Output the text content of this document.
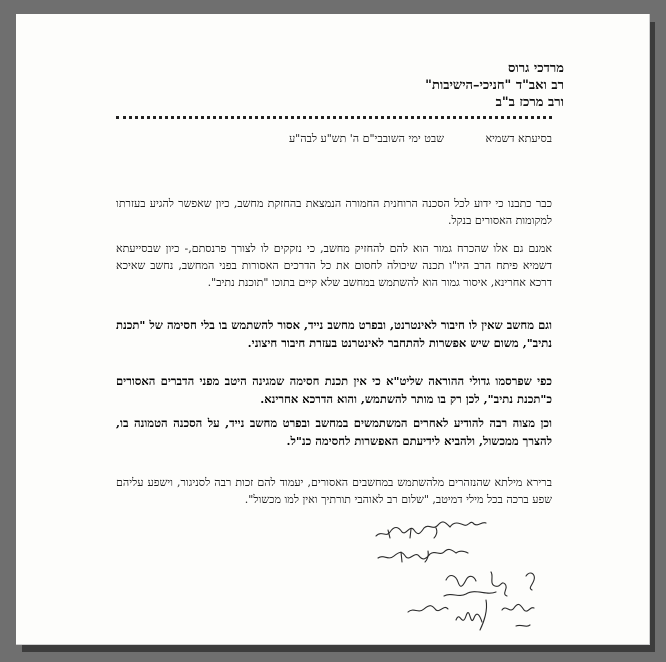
מרדכי גרוס
רב ואב"ד "חניכי–הישיבות"
ורב מרכז ב"ב
בסיעתא דשמיא
שבט ימי השובבי"ם ה' תש"ע לבה"ע
כבר כתבנו כי ידוע לכל הסכנה הרוחנית החמורה הנמצאת בהחזקת מחשב, כיון שאפשר להגיע בעזרתו למקומות האסורים בנקל.
אמנם גם אלו שהכרח גמור הוא להם להחזיק מחשב, כי נזקקים לו לצורך פרנסתם,- כיון שבסייעתא דשמיא פיתח הרב היו"ו תכנה שיכולה לחסום את כל הדרכים האסורות בפני המחשב, נחשב שאיכא דרכא אחרינא, איסור גמור הוא להשתמש במחשב שלא קיים בתוכו "תוכנת נתיב".
וגם מחשב שאין לו חיבור לאינטרנט, ובפרט מחשב נייד, אסור להשתמש בו בלי חסימה של "תכנת נתיב", משום שיש אפשרות להתחבר לאינטרנט בעזרת חיבור חיצוני.
כפי שפרסמו גדולי ההוראה שליט"א כי אין תכנת חסימה שמגינה היטב מפני הדברים האסורים כ"תכנת נתיב", לכן רק בו מותר להשתמש, והוא הדרכא אחרינא.
וכן מצוה רבה להודיע לאחרים המשתמשים במחשב ובפרט מחשב נייד, על הסכנה הטמונה בו, להצרך ממכשול, ולהביא לידיעתם האפשרות לחסימה כנ"ל.
ברירא מילתא שהנזהרים מלהשתמש במחשבים האסורים, יעמוד להם זכות רבה לסניגור, וישפע עליהם שפע ברכה בכל מילי דמיטב, "שלום רב לאוהבי תורתיך ואין למו מכשול".
